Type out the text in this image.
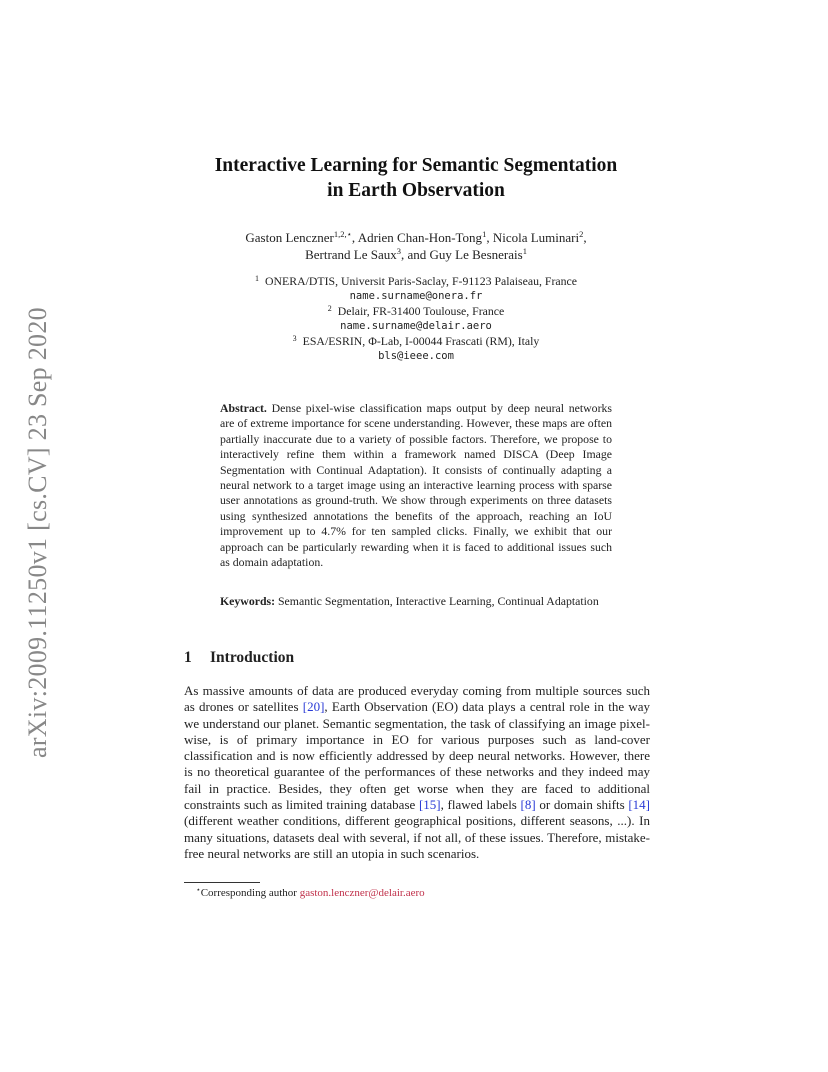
arXiv:2009.11250v1 [cs.CV] 23 Sep 2020
Interactive Learning for Semantic Segmentation
in Earth Observation
Gaston Lenczner$^{1,2,⋆}$, Adrien Chan-Hon-Tong$^1$, Nicola Luminari$^2$,
Bertrand Le Saux$^3$, and Guy Le Besnerais$^1$
$^1$ ONERA/DTIS, Universit Paris-Saclay, F-91123 Palaiseau, France
name.surname@onera.fr
$^2$ Delair, FR-31400 Toulouse, France
name.surname@delair.aero
$^3$ ESA/ESRIN, Φ-Lab, I-00044 Frascati (RM), Italy
bls@ieee.com
Abstract. Dense pixel-wise classification maps output by deep neural networks are of extreme importance for scene understanding. However, these maps are often partially inaccurate due to a variety of possible factors. Therefore, we propose to interactively refine them within a framework named DISCA (Deep Image Segmentation with Continual Adaptation). It consists of continually adapting a neural network to a target image using an interactive learning process with sparse user annotations as ground-truth. We show through experiments on three datasets using synthesized annotations the benefits of the approach, reaching an IoU improvement up to 4.7% for ten sampled clicks. Finally, we exhibit that our approach can be particularly rewarding when it is faced to additional issues such as domain adaptation.
Keywords: Semantic Segmentation, Interactive Learning, Continual Adaptation
1 Introduction
As massive amounts of data are produced everyday coming from multiple sources such as drones or satellites [20], Earth Observation (EO) data plays a central role in the way we understand our planet. Semantic segmentation, the task of classifying an image pixel-wise, is of primary importance in EO for various purposes such as land-cover classification and is now efficiently addressed by deep neural networks. However, there is no theoretical guarantee of the performances of these networks and they indeed may fail in practice. Besides, they often get worse when they are faced to additional constraints such as limited training database [15], flawed labels [8] or domain shifts [14] (different weather conditions, different geographical positions, different seasons, ...). In many situations, datasets deal with several, if not all, of these issues. Therefore, mistake-free neural networks are still an utopia in such scenarios.
⋆Corresponding author gaston.lenczner@delair.aero
